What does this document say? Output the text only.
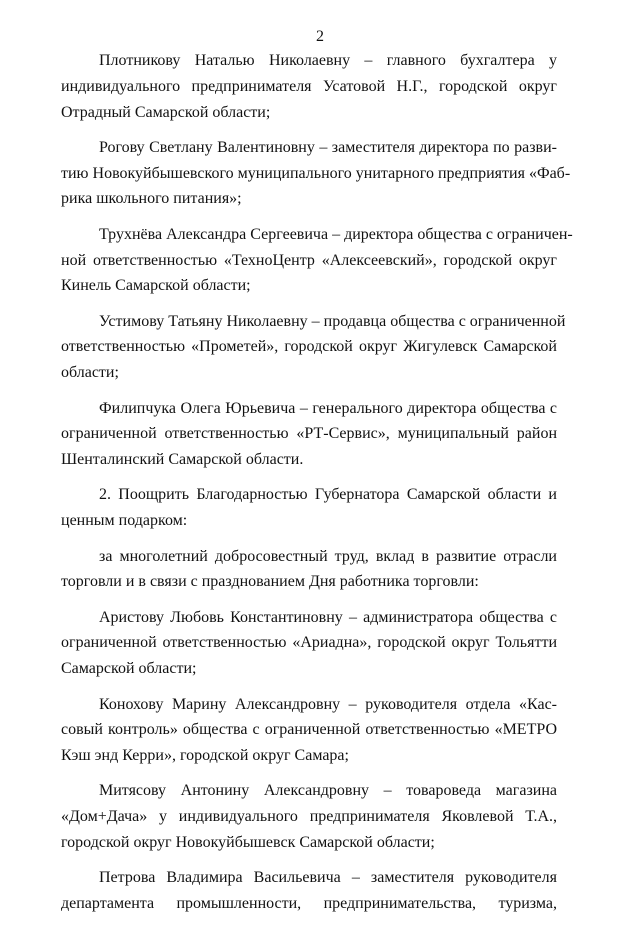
2
Плотникову Наталью Николаевну – главного бухгалтера у
индивидуального предпринимателя Усатовой Н.Г., городской округ
Отрадный Самарской области;
Рогову Светлану Валентиновну – заместителя директора по разви-
тию Новокуйбышевского муниципального унитарного предприятия «Фаб-
рика школьного питания»;
Трухнёва Александра Сергеевича – директора общества с ограничен-
ной ответственностью «ТехноЦентр «Алексеевский», городской округ
Кинель Самарской области;
Устимову Татьяну Николаевну – продавца общества с ограниченной
ответственностью «Прометей», городской округ Жигулевск Самарской
области;
Филипчука Олега Юрьевича – генерального директора общества с
ограниченной ответственностью «РТ-Сервис», муниципальный район
Шенталинский Самарской области.
2. Поощрить Благодарностью Губернатора Самарской области и
ценным подарком:
за многолетний добросовестный труд, вклад в развитие отрасли
торговли и в связи с празднованием Дня работника торговли:
Аристову Любовь Константиновну – администратора общества с
ограниченной ответственностью «Ариадна», городской округ Тольятти
Самарской области;
Конохову Марину Александровну – руководителя отдела «Кас-
совый контроль» общества с ограниченной ответственностью «МЕТРО
Кэш энд Керри», городской округ Самара;
Митясову Антонину Александровну – товароведа магазина
«Дом+Дача» у индивидуального предпринимателя Яковлевой Т.А.,
городской округ Новокуйбышевск Самарской области;
Петрова Владимира Васильевича – заместителя руководителя
департамента промышленности, предпринимательства, туризма,
